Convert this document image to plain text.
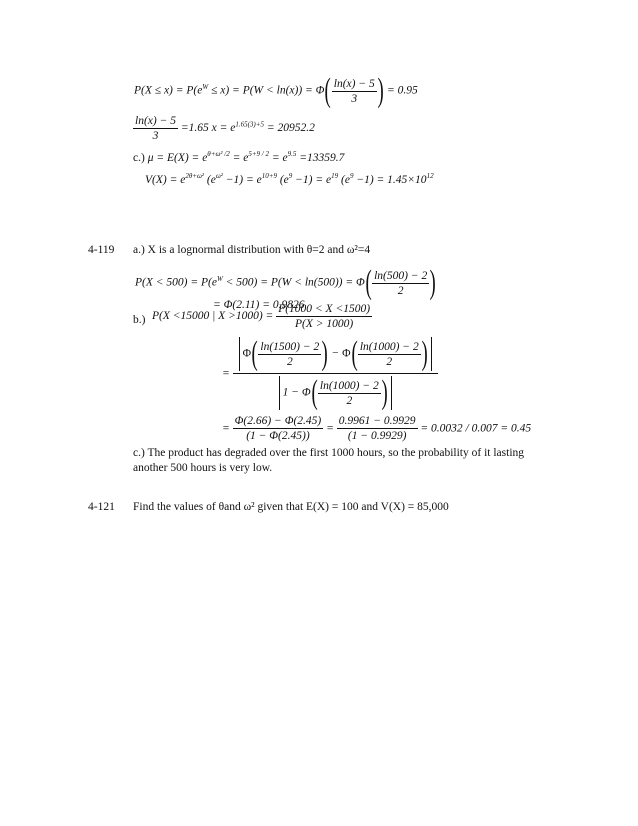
$P(X \le x) = P(e^W \le x) = P(W < \ln(x)) = \Phi( \frac{\ln(x) - 5}{3}$ ) = 0.95
$\frac{\ln(x) - 5}{3} =1.65$ $x = e^{1.65(3)+5} = 20952.2$
c.) $\mu = E(X) = e^{\theta+\omega^2 /2} = e^{5+9 / 2} = e^{9.5} =13359.7$
$V(X) = e^{2\theta+\omega^2}$ $(e^{\omega^2} -1) = e^{10+9}$ $(e^9 -1) = e^{19}$ $(e^9 -1) = 1.45\times 10^{12}$
4-119 a.) X is a lognormal distribution with θ=2 and ω²=4
$P(X < 500) = P(e^W < 500) = P(W < \ln(500)) = \Phi( \frac{\ln(500) - 2}{2}$ )
= Φ(2.11) = 0.9826
b.) P(X <15000 | $X >1000) = \frac{P(1000 < X <1500)}{P(X > 1000)}$
= $\frac{\Phi( \frac{\ln(1500) - 2}{2} ) - \Phi( \frac{\ln(1000) - 2}{2} )}{1 - \Phi( \frac{\ln(1000) - 2}{2} )}$
= $\frac{\Phi(2.66) - \Phi(2.45)}{(1 - \Phi(2.45))} = \frac{0.9961 - 0.9929}{(1 - 0.9929)} = 0.0032 / 0.007 = 0.45$
c.) The product has degraded over the first 1000 hours, so the probability of it lasting
another 500 hours is very low.
4-121 Find the values of θand ω² given that E(X) = 100 and V(X) = 85,000
